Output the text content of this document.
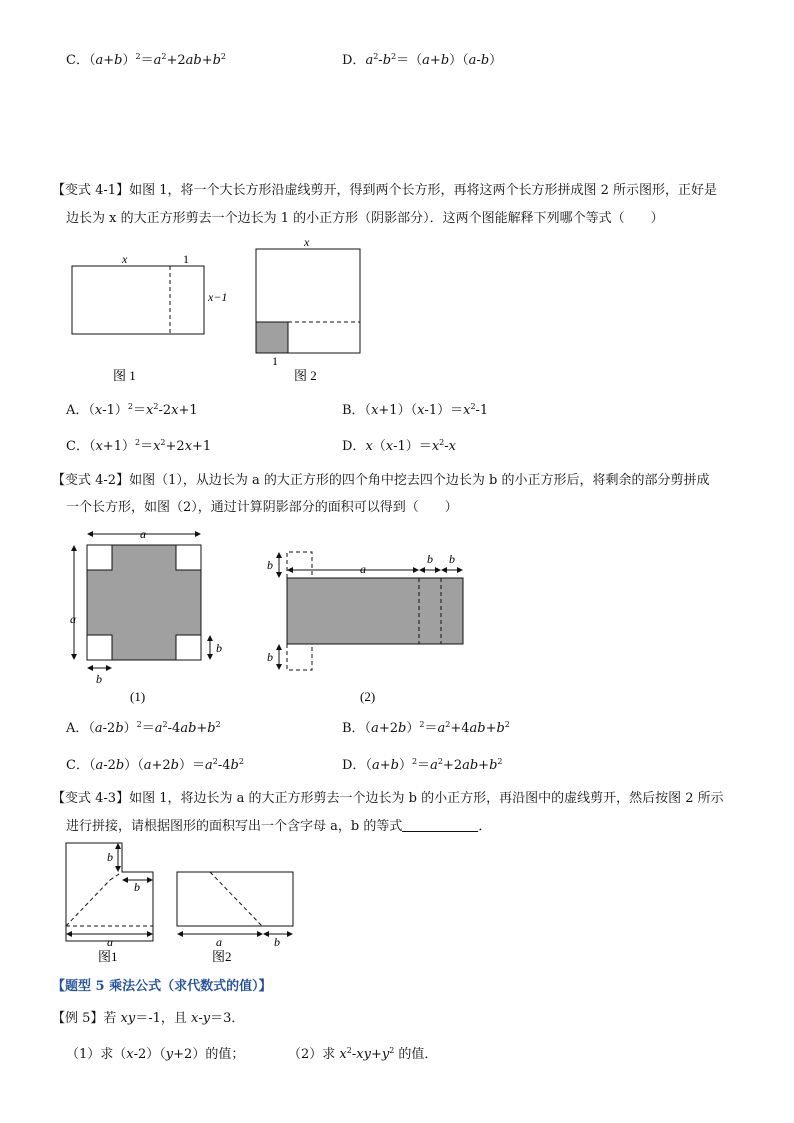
C．$(a+b)^2=a^2+2ab+b^2$	D．$a^2-b^2=(a+b)(a-b)$
【变式 4-1】如图 1，将一个大长方形沿虚线剪开，得到两个长方形，再将这两个长方形拼成图 2 所示图形，正好是
边长为 x 的大正方形剪去一个边长为 1 的小正方形（阴影部分）．这两个图能解释下列哪个等式（　　）
x	1
x−1
图 1
x
1
图 2
A．$(x-1)^2=x^2-2x+1$	B．$(x+1)(x-1)=x^2-1$
C．$(x+1)^2=x^2+2x+1$	D．$x(x-1)=x^2-x$
【变式 4-2】如图（1），从边长为 a 的大正方形的四个角中挖去四个边长为 b 的小正方形后，将剩余的部分剪拼成
一个长方形，如图（2），通过计算阴影部分的面积可以得到（　　）
a
a
b
b
(1)
a
b b
b
b
(2)
A．$(a-2b)^2=a^2-4ab+b^2$	B．$(a+2b)^2=a^2+4ab+b^2$
C．$(a-2b)(a+2b)=a^2-4b^2$	D．$(a+b)^2=a^2+2ab+b^2$
【变式 4-3】如图 1，将边长为 a 的大正方形剪去一个边长为 b 的小正方形，再沿图中的虚线剪开，然后按图 2 所示
进行拼接，请根据图形的面积写出一个含字母 a，b 的等式	．
b
b
a
图1
a	b
图2
【题型 5 乘法公式（求代数式的值）】
【例 5】若 xy＝-1，且 x-y＝3．
（1）求（x-2）（y+2）的值；	（2）求 $x^2-xy+y^2$ 的值．
